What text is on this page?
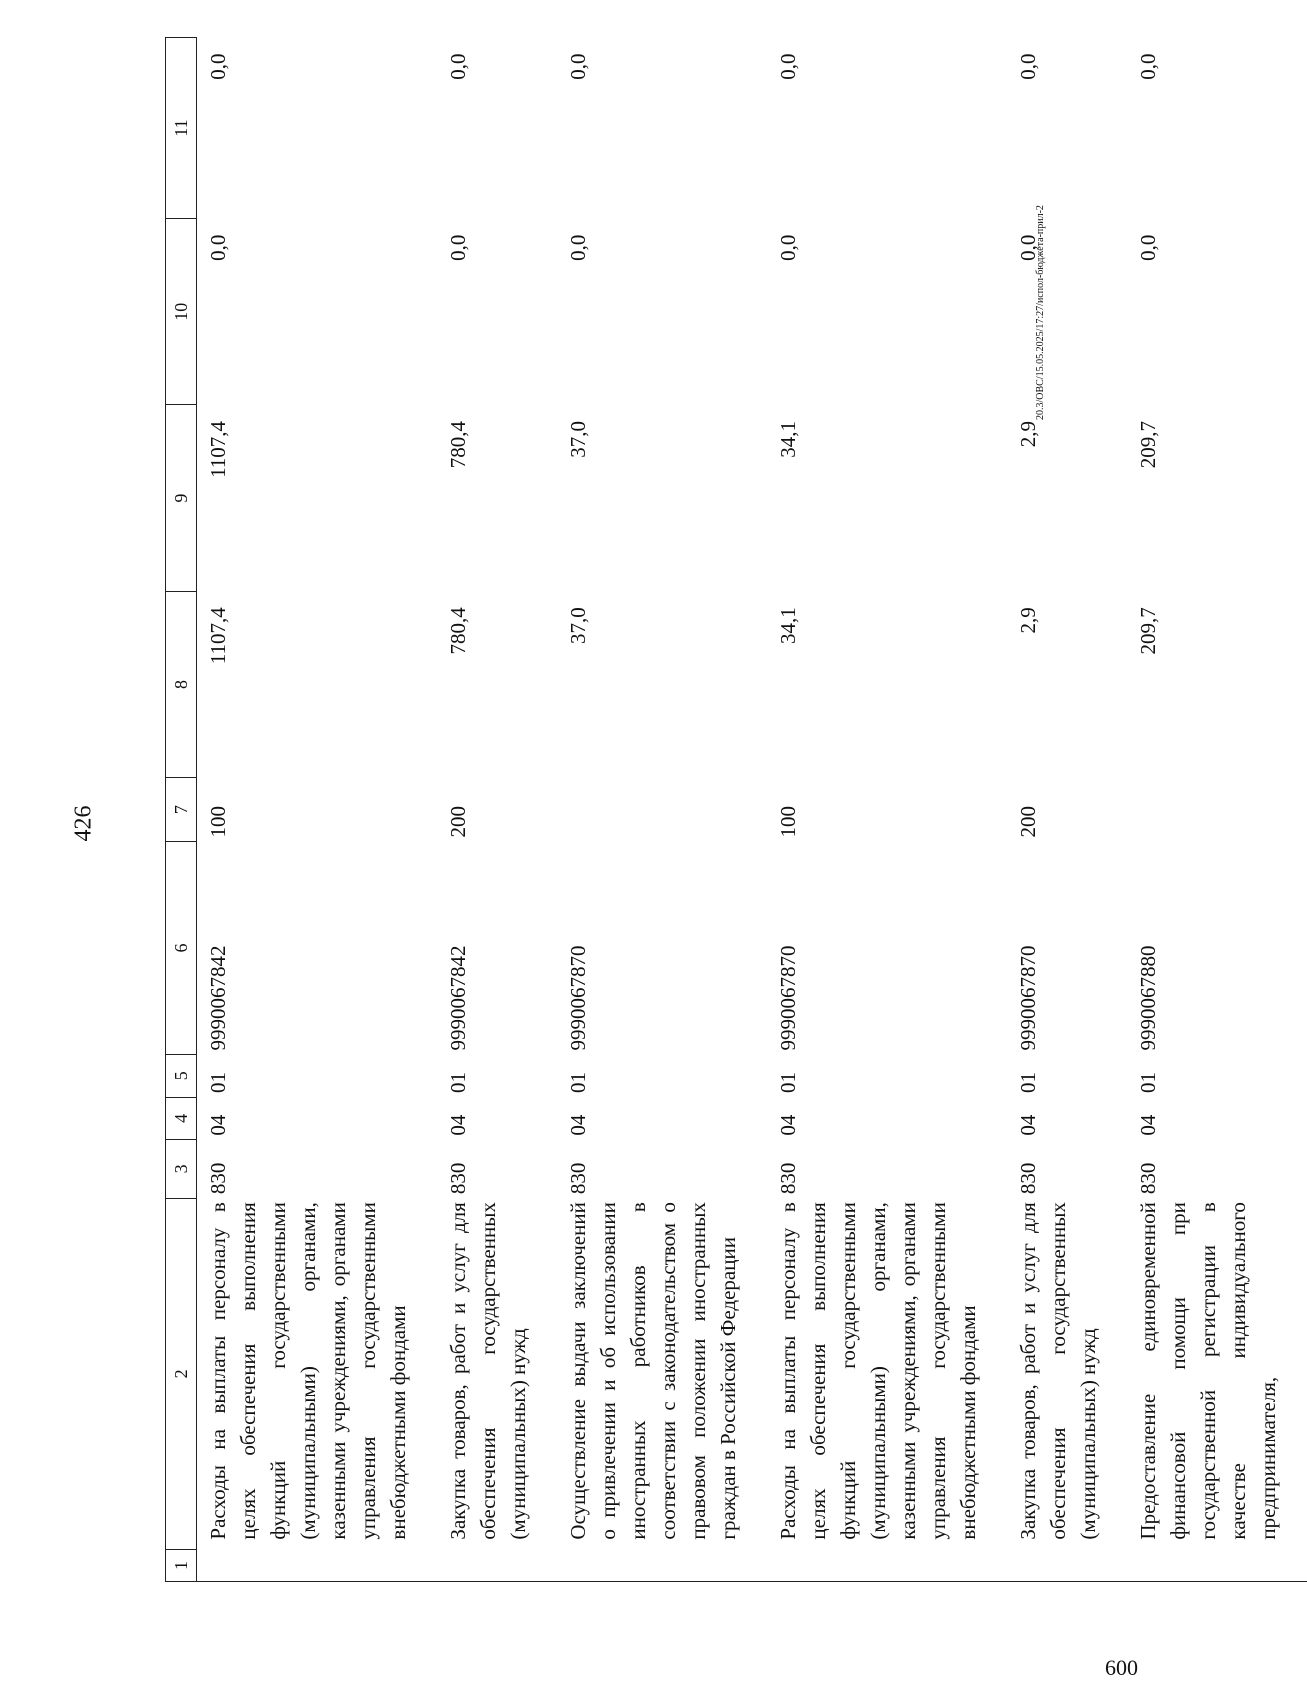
426
20.3/ОВС/15.05.2025/17:27/испол-бюджета-прил-2
600
1	2	3	4	5	6	7	8	9	10	11
	Расходы на выплаты персоналу в целях обеспечения выполнения функций государственными (муниципальными) органами, казенными учреждениями, органами управления государственными внебюджетными фондами	830	04	01	9990067842	100	1107,4	1107,4	0,0	0,0
	Закупка товаров, работ и услуг для обеспечения государственных (муниципальных) нужд	830	04	01	9990067842	200	780,4	780,4	0,0	0,0
	Осуществление выдачи заключений о привлечении и об использовании иностранных работников в соответствии с законодательством о правовом положении иностранных граждан в Российской Федерации	830	04	01	9990067870		37,0	37,0	0,0	0,0
	Расходы на выплаты персоналу в целях обеспечения выполнения функций государственными (муниципальными) органами, казенными учреждениями, органами управления государственными внебюджетными фондами	830	04	01	9990067870	100	34,1	34,1	0,0	0,0
	Закупка товаров, работ и услуг для обеспечения государственных (муниципальных) нужд	830	04	01	9990067870	200	2,9	2,9	0,0	0,0
	Предоставление единовременной финансовой помощи при государственной регистрации в качестве индивидуального предпринимателя,	830	04	01	9990067880		209,7	209,7	0,0	0,0
